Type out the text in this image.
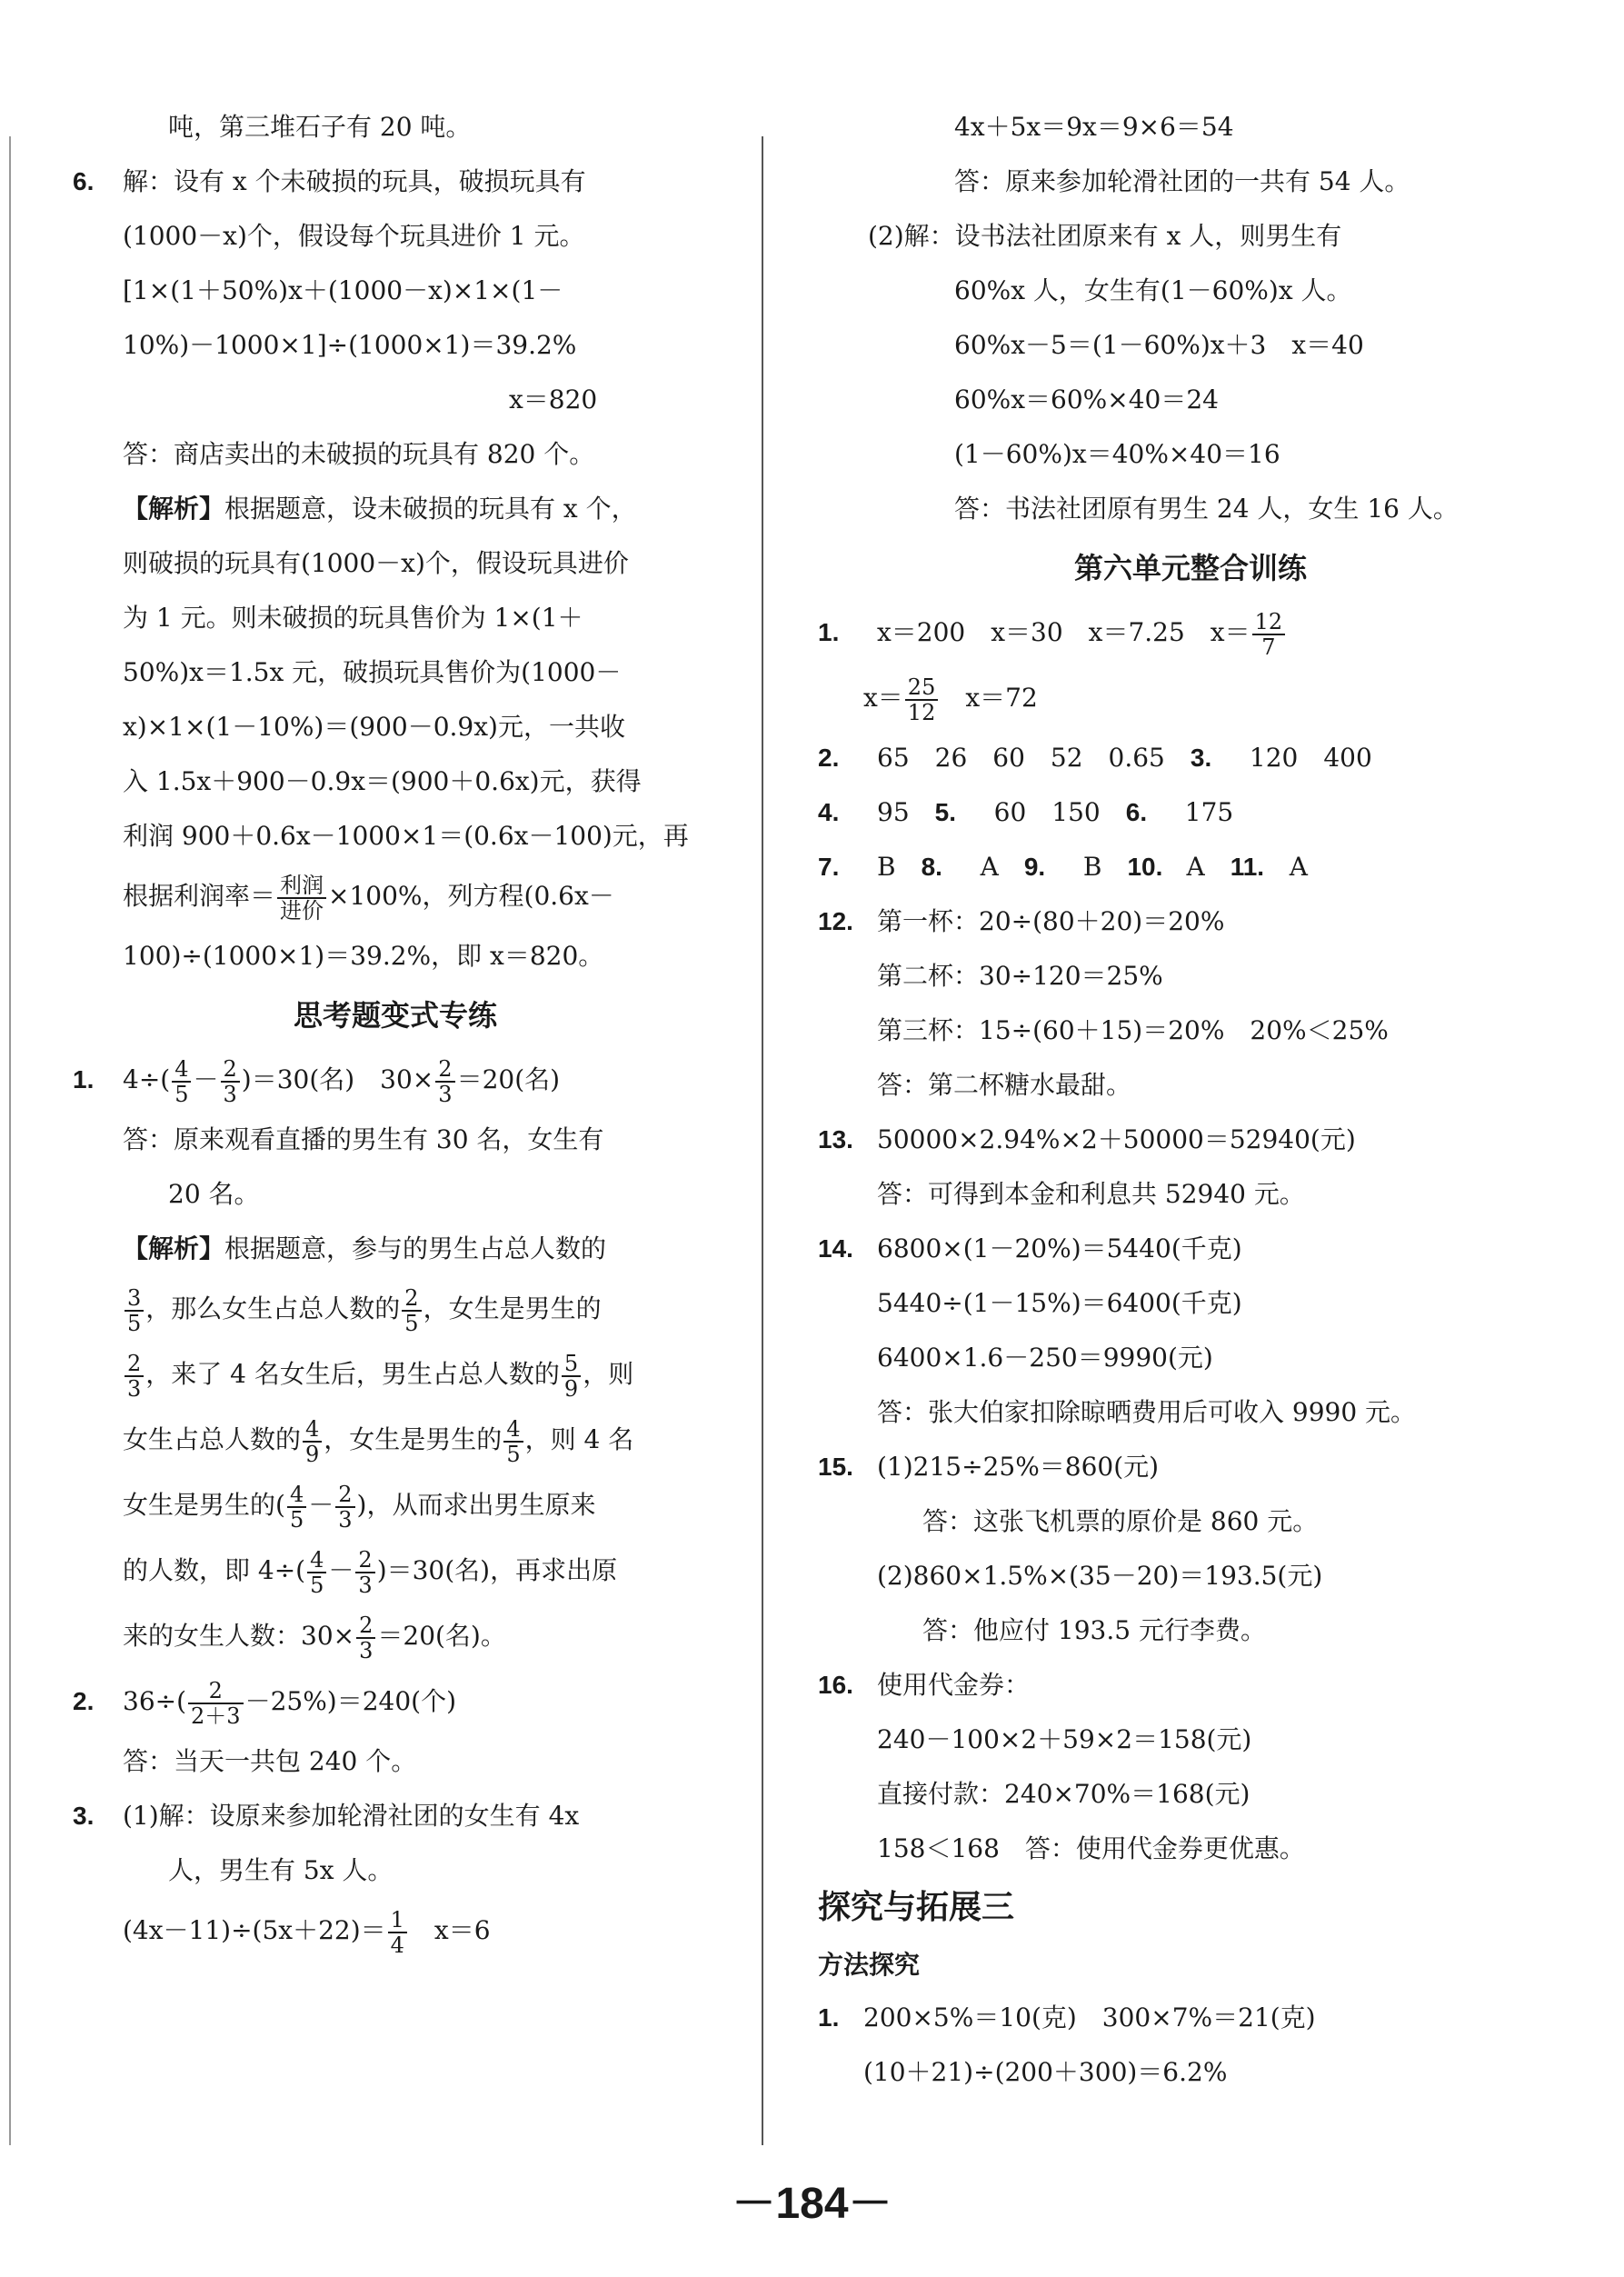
吨，第三堆石子有 20 吨。
6. 解：设有 x 个未破损的玩具，破损玩具有
(1000－x)个，假设每个玩具进价 1 元。
[1×(1＋50%)x＋(1000－x)×1×(1－
10%)－1000×1]÷(1000×1)＝39.2%
x＝820
答：商店卖出的未破损的玩具有 820 个。
【解析】根据题意，设未破损的玩具有 x 个，
则破损的玩具有(1000－x)个，假设玩具进价
为 1 元。则未破损的玩具售价为 1×(1＋
50%)x＝1.5x 元，破损玩具售价为(1000－
x)×1×(1－10%)＝(900－0.9x)元，一共收
入 1.5x＋900－0.9x＝(900＋0.6x)元，获得
利润 900＋0.6x－1000×1＝(0.6x－100)元，再
根据利润率＝ $\frac{\text{利润}}{\text{进价}} \times 100\%$，列方程(0.6x－
100)÷(1000×1)＝39.2%，即 x＝820。
思考题变式专练
1. $4\div( \frac{4}{5} - \frac{2}{3} )=30$(名)　$30\times \frac{2}{3} =20$(名)
答：原来观看直播的男生有 30 名，女生有
20 名。
【解析】根据题意，参与的男生占总人数的
$\frac{3}{5}$ ，那么女生占总人数的 $\frac{2}{5}$ ，女生是男生的
$\frac{2}{3}$ ，来了 4 名女生后，男生占总人数的 $\frac{5}{9}$ ，则
女生占总人数的 $\frac{4}{9}$ ，女生是男生的 $\frac{4}{5}$ ，则 4 名
女生是男生的( $\frac{4}{5} - \frac{2}{3}$ )，从而求出男生原来
的人数，即 $4\div( \frac{4}{5} - \frac{2}{3} )=30$(名)，再求出原
来的女生人数：$30\times \frac{2}{3} =20$(名)。
2. $36\div( \frac{2}{2+3} -25\%)=240$(个)
答：当天一共包 240 个。
3. (1)解：设原来参加轮滑社团的女生有 4x
人，男生有 5x 人。
$(4x-11)\div(5x+22)= \frac{1}{4}$ 　x＝6
4x＋5x＝9x＝9×6＝54
答：原来参加轮滑社团的一共有 54 人。
(2)解：设书法社团原来有 x 人，则男生有
60%x 人，女生有(1－60%)x 人。
60%x－5＝(1－60%)x＋3　x＝40
60%x＝60%×40＝24
(1－60%)x＝40%×40＝16
答：书法社团原有男生 24 人，女生 16 人。
第六单元整合训练
1. x＝200　x＝30　x＝7.25　$x= \frac{12}{7}$
$x= \frac{25}{12}$
　 x＝72
2. 65　26　60　52　0.65　 3. 120　400
4. 95　 5. 60　150　 6. 175
7. B　 8. A　 9. B　 10. A　 11. A
12. 第一杯：20÷(80＋20)＝20%
第二杯：30÷120＝25%
第三杯：15÷(60＋15)＝20%　20%＜25%
答：第二杯糖水最甜。
13. 50000×2.94%×2＋50000＝52940(元)
答：可得到本金和利息共 52940 元。
14. 6800×(1－20%)＝5440(千克)
5440÷(1－15%)＝6400(千克)
6400×1.6－250＝9990(元)
答：张大伯家扣除晾晒费用后可收入 9990 元。
15. (1)215÷25%＝860(元)
答：这张飞机票的原价是 860 元。
(2)860×1.5%×(35－20)＝193.5(元)
答：他应付 193.5 元行李费。
16. 使用代金券：
240－100×2＋59×2＝158(元)
直接付款：240×70%＝168(元)
158＜168　答：使用代金券更优惠。
探究与拓展三
方法探究
1. 200×5%＝10(克)　300×7%＝21(克)
(10＋21)÷(200＋300)＝6.2%
－184－
